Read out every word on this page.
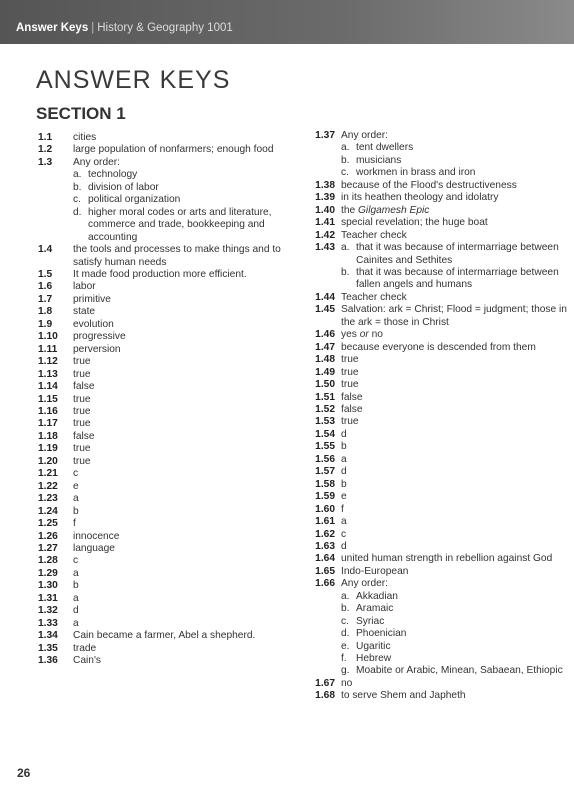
Answer Keys | History & Geography 1001
ANSWER KEYS
SECTION 1
1.1	cities
1.2	large population of nonfarmers; enough food
1.3	Any order:
a. technology
b. division of labor
c. political organization
d. higher moral codes or arts and literature, commerce and trade, bookkeeping and accounting
1.4	the tools and processes to make things and to satisfy human needs
1.5	It made food production more efficient.
1.6	labor
1.7	primitive
1.8	state
1.9	evolution
1.10	progressive
1.11	perversion
1.12	true
1.13	true
1.14	false
1.15	true
1.16	true
1.17	true
1.18	false
1.19	true
1.20	true
1.21	c
1.22	e
1.23	a
1.24	b
1.25	f
1.26	innocence
1.27	language
1.28	c
1.29	a
1.30	b
1.31	a
1.32	d
1.33	a
1.34	Cain became a farmer, Abel a shepherd.
1.35	trade
1.36	Cain's
1.37 Any order:
a. tent dwellers
b. musicians
c. workmen in brass and iron
1.38 because of the Flood's destructiveness
1.39 in its heathen theology and idolatry
1.40 the Gilgamesh Epic
1.41 special revelation; the huge boat
1.42 Teacher check
1.43 a. that it was because of intermarriage between Cainites and Sethites
b. that it was because of intermarriage between fallen angels and humans
1.44 Teacher check
1.45 Salvation: ark = Christ; Flood = judgment; those in the ark = those in Christ
1.46 yes or no
1.47 because everyone is descended from them
1.48 true
1.49 true
1.50 true
1.51 false
1.52 false
1.53 true
1.54 d
1.55 b
1.56 a
1.57 d
1.58 b
1.59 e
1.60 f
1.61 a
1.62 c
1.63 d
1.64 united human strength in rebellion against God
1.65 Indo-European
1.66 Any order:
a. Akkadian
b. Aramaic
c. Syriac
d. Phoenician
e. Ugaritic
f. Hebrew
g. Moabite or Arabic, Minean, Sabaean, Ethiopic
1.67 no
1.68 to serve Shem and Japheth
26
